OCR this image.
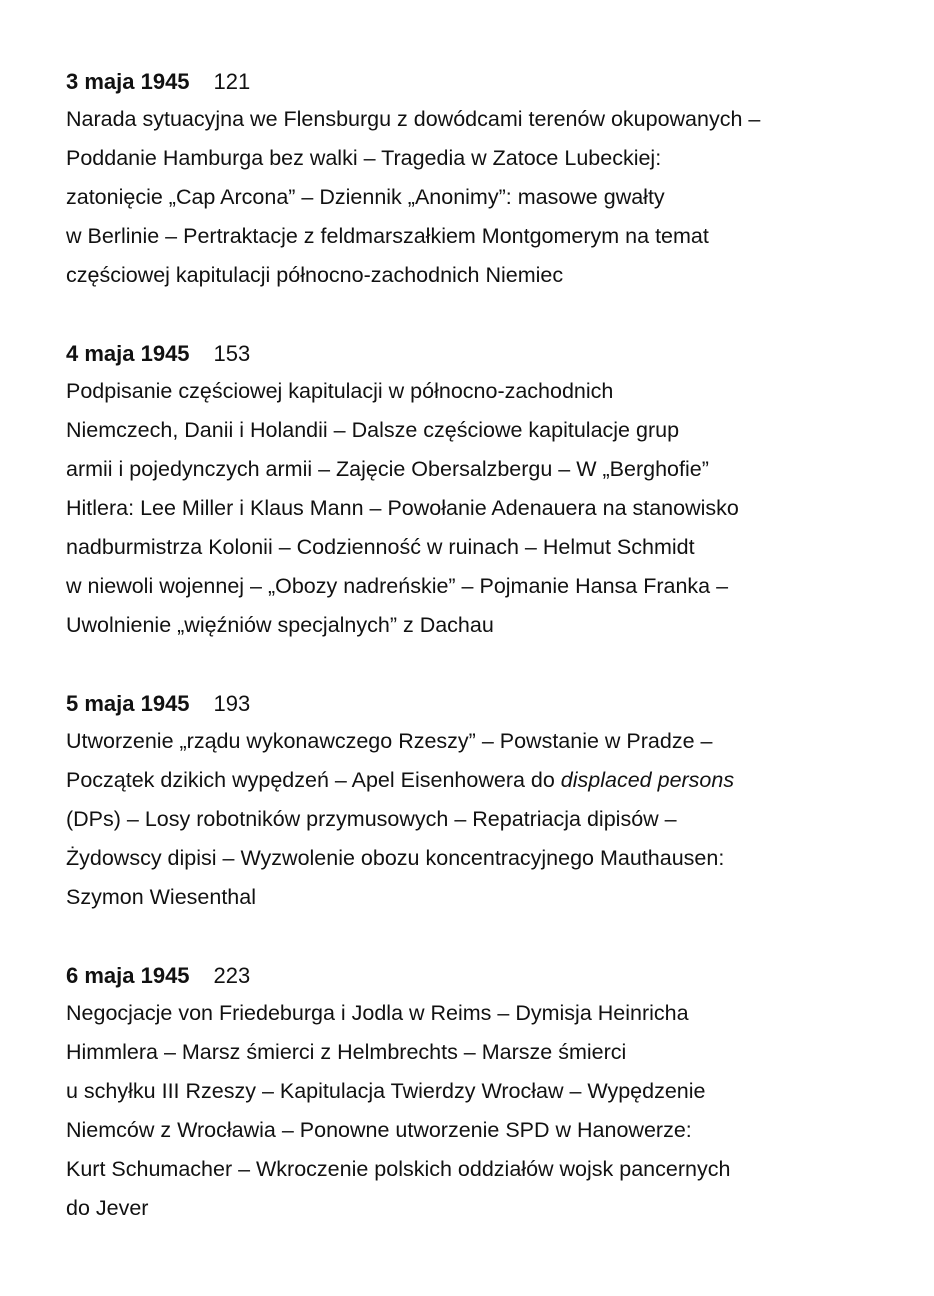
3 maja 1945 121
Narada sytuacyjna we Flensburgu z dowódcami terenów okupowanych –
Poddanie Hamburga bez walki – Tragedia w Zatoce Lubeckiej:
zatonięcie „Cap Arcona” – Dziennik „Anonimy”: masowe gwałty
w Berlinie – Pertraktacje z feldmarszałkiem Montgomerym na temat
częściowej kapitulacji północno-zachodnich Niemiec
4 maja 1945 153
Podpisanie częściowej kapitulacji w północno-zachodnich
Niemczech, Danii i Holandii – Dalsze częściowe kapitulacje grup
armii i pojedynczych armii – Zajęcie Obersalzbergu – W „Berghofie”
Hitlera: Lee Miller i Klaus Mann – Powołanie Adenauera na stanowisko
nadburmistrza Kolonii – Codzienność w ruinach – Helmut Schmidt
w niewoli wojennej – „Obozy nadreńskie” – Pojmanie Hansa Franka –
Uwolnienie „więźniów specjalnych” z Dachau
5 maja 1945 193
Utworzenie „rządu wykonawczego Rzeszy” – Powstanie w Pradze –
Początek dzikich wypędzeń – Apel Eisenhowera do displaced persons
(DPs) – Losy robotników przymusowych – Repatriacja dipisów –
Żydowscy dipisi – Wyzwolenie obozu koncentracyjnego Mauthausen:
Szymon Wiesenthal
6 maja 1945 223
Negocjacje von Friedeburga i Jodla w Reims – Dymisja Heinricha
Himmlera – Marsz śmierci z Helmbrechts – Marsze śmierci
u schyłku III Rzeszy – Kapitulacja Twierdzy Wrocław – Wypędzenie
Niemców z Wrocławia – Ponowne utworzenie SPD w Hanowerze:
Kurt Schumacher – Wkroczenie polskich oddziałów wojsk pancernych
do Jever
